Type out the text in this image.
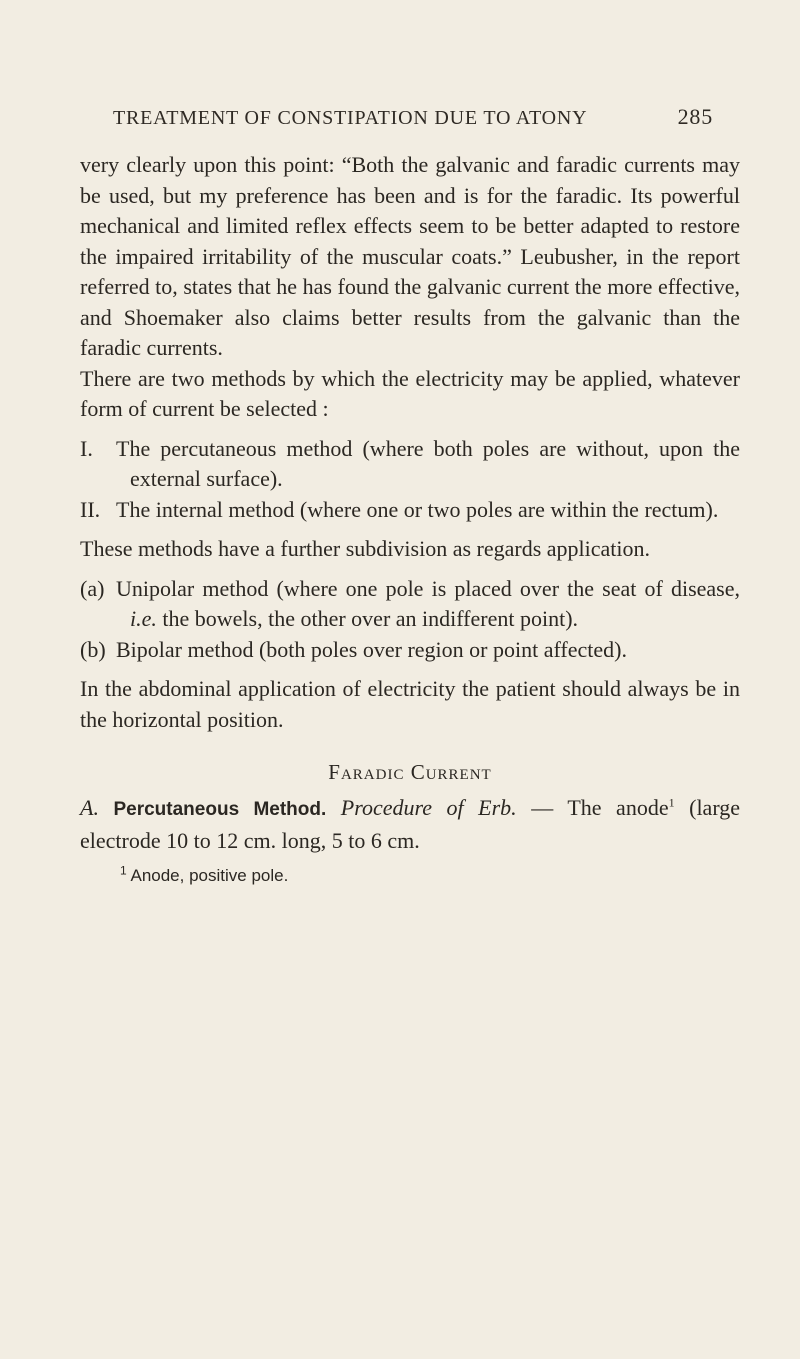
TREATMENT OF CONSTIPATION DUE TO ATONY	285

very clearly upon this point: “Both the galvanic and faradic currents may be used, but my preference has been and is for the faradic. Its powerful mechanical and limited reflex effects seem to be better adapted to restore the impaired irritability of the muscular coats.” Leubusher, in the report referred to, states that he has found the galvanic current the more effective, and Shoemaker also claims better results from the galvanic than the faradic currents.

There are two methods by which the electricity may be applied, whatever form of current be selected :

I. The percutaneous method (where both poles are without, upon the external surface).

II. The internal method (where one or two poles are within the rectum).

These methods have a further subdivision as regards application.

(a) Unipolar method (where one pole is placed over the seat of disease, i.e. the bowels, the other over an indifferent point).

(b) Bipolar method (both poles over region or point affected).

In the abdominal application of electricity the patient should always be in the horizontal position.

Faradic Current

A. Percutaneous Method. Procedure of Erb. — The anode$^1$ (large electrode 10 to 12 cm. long, 5 to 6 cm.

$^1$ Anode, positive pole.
